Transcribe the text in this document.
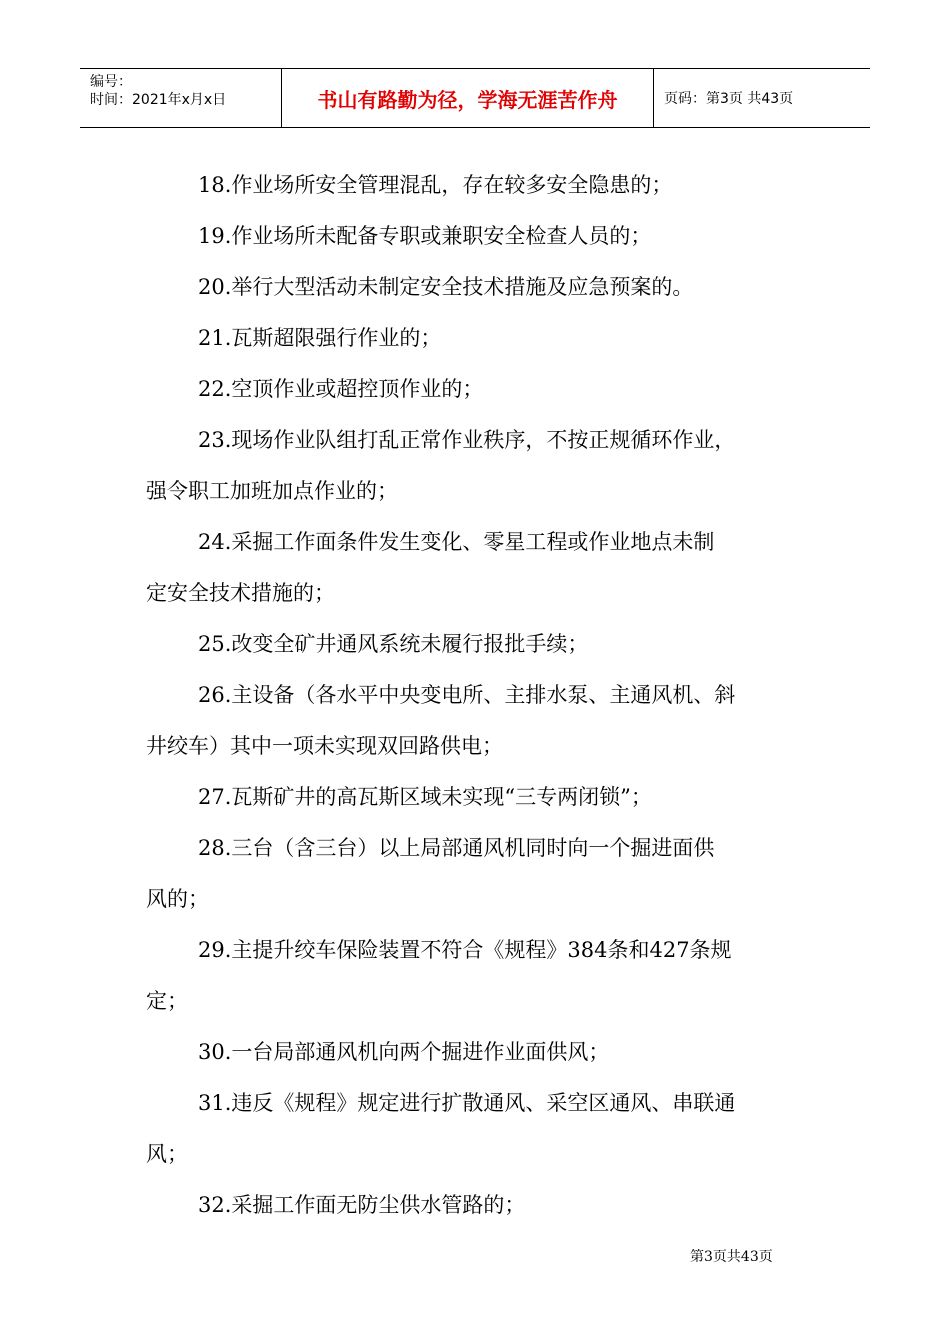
编号：
时间：2021年x月x日	书山有路勤为径，学海无涯苦作舟	页码：第3页 共43页

18.作业场所安全管理混乱，存在较多安全隐患的；

19.作业场所未配备专职或兼职安全检查人员的；

20.举行大型活动未制定安全技术措施及应急预案的。

21.瓦斯超限强行作业的；

22.空顶作业或超控顶作业的；

23.现场作业队组打乱正常作业秩序，不按正规循环作业，
强令职工加班加点作业的；

24.采掘工作面条件发生变化、零星工程或作业地点未制
定安全技术措施的；

25.改变全矿井通风系统未履行报批手续；

26.主设备（各水平中央变电所、主排水泵、主通风机、斜
井绞车）其中一项未实现双回路供电；

27.瓦斯矿井的高瓦斯区域未实现“三专两闭锁”；

28.三台（含三台）以上局部通风机同时向一个掘进面供
风的；

29.主提升绞车保险装置不符合《规程》384条和427条规
定；

30.一台局部通风机向两个掘进作业面供风；

31.违反《规程》规定进行扩散通风、采空区通风、串联通
风；

32.采掘工作面无防尘供水管路的；

第3页共43页
